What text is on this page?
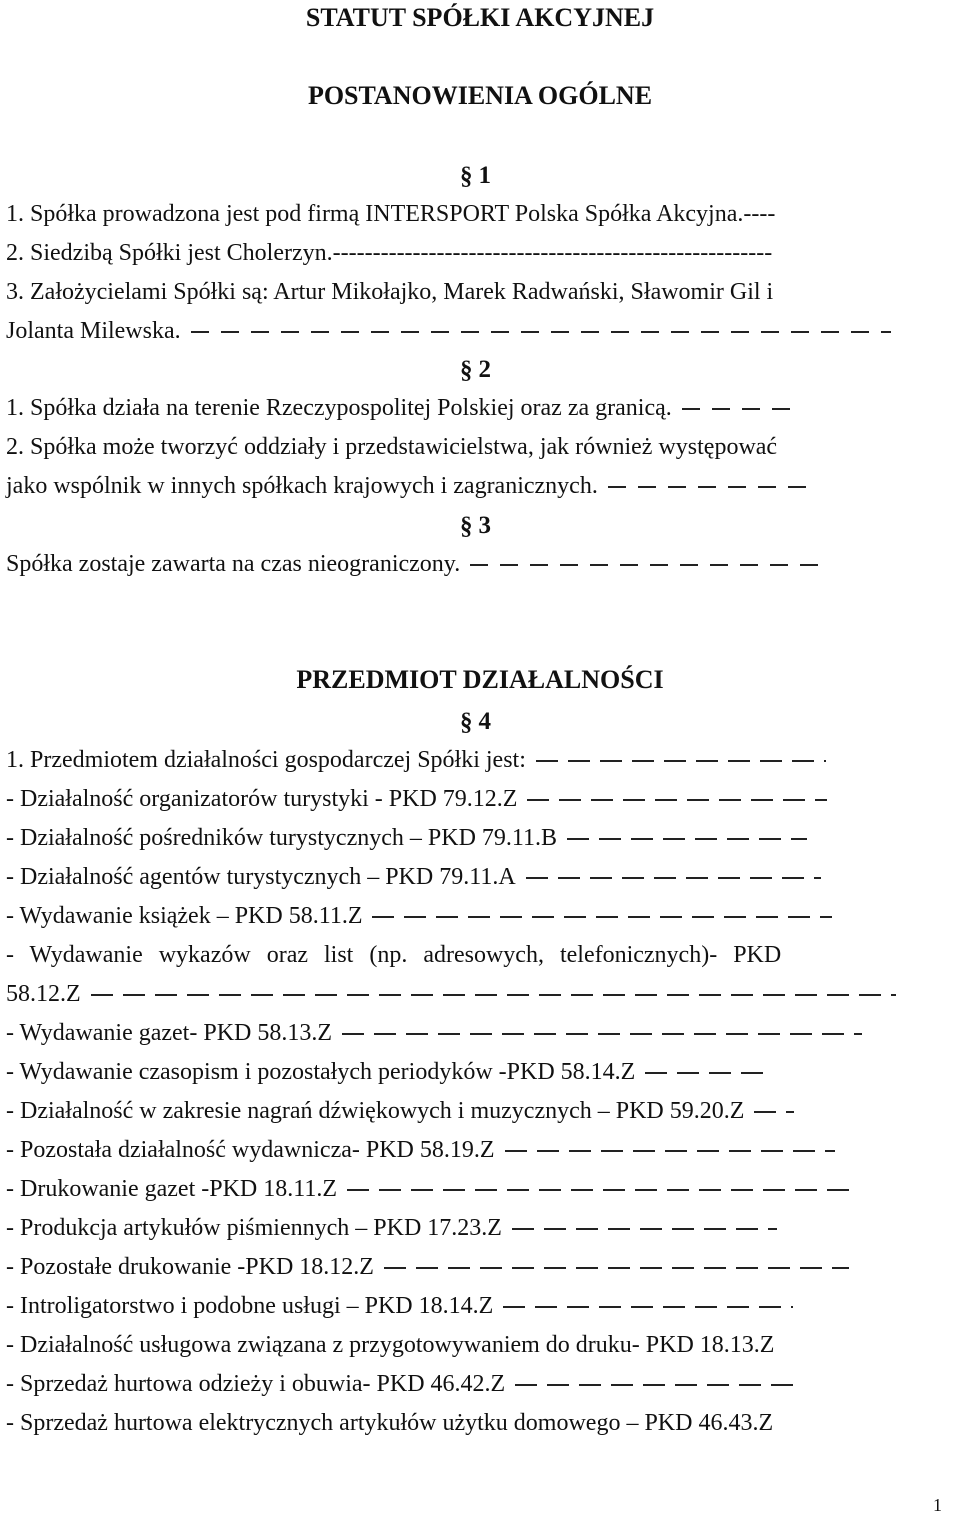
STATUT SPÓŁKI AKCYJNEJ
POSTANOWIENIA OGÓLNE
§ 1
1. Spółka prowadzona jest pod firmą INTERSPORT Polska Spółka Akcyjna.----
2. Siedzibą Spółki jest Cholerzyn.-------------------------------------------------------
3. Założycielami Spółki są: Artur Mikołajko, Marek Radwański, Sławomir Gil i
Jolanta Milewska.
§ 2
1. Spółka działa na terenie Rzeczypospolitej Polskiej oraz za granicą.
2. Spółka może tworzyć oddziały i przedstawicielstwa, jak również występować
jako wspólnik w innych spółkach krajowych i zagranicznych.
§ 3
Spółka zostaje zawarta na czas nieograniczony.
PRZEDMIOT DZIAŁALNOŚCI
§ 4
1. Przedmiotem działalności gospodarczej Spółki jest:
- Działalność organizatorów turystyki - PKD 79.12.Z
- Działalność pośredników turystycznych – PKD 79.11.B
- Działalność agentów turystycznych – PKD 79.11.A
- Wydawanie książek – PKD 58.11.Z
- Wydawanie wykazów oraz list (np. adresowych, telefonicznych)- PKD
58.12.Z
- Wydawanie gazet- PKD 58.13.Z
- Wydawanie czasopism i pozostałych periodyków -PKD 58.14.Z
- Działalność w zakresie nagrań dźwiękowych i muzycznych – PKD 59.20.Z
- Pozostała działalność wydawnicza- PKD 58.19.Z
- Drukowanie gazet -PKD 18.11.Z
- Produkcja artykułów piśmiennych – PKD 17.23.Z
- Pozostałe drukowanie -PKD 18.12.Z
- Introligatorstwo i podobne usługi – PKD 18.14.Z
- Działalność usługowa związana z przygotowywaniem do druku- PKD 18.13.Z
- Sprzedaż hurtowa odzieży i obuwia- PKD 46.42.Z
- Sprzedaż hurtowa elektrycznych artykułów użytku domowego – PKD 46.43.Z
1
